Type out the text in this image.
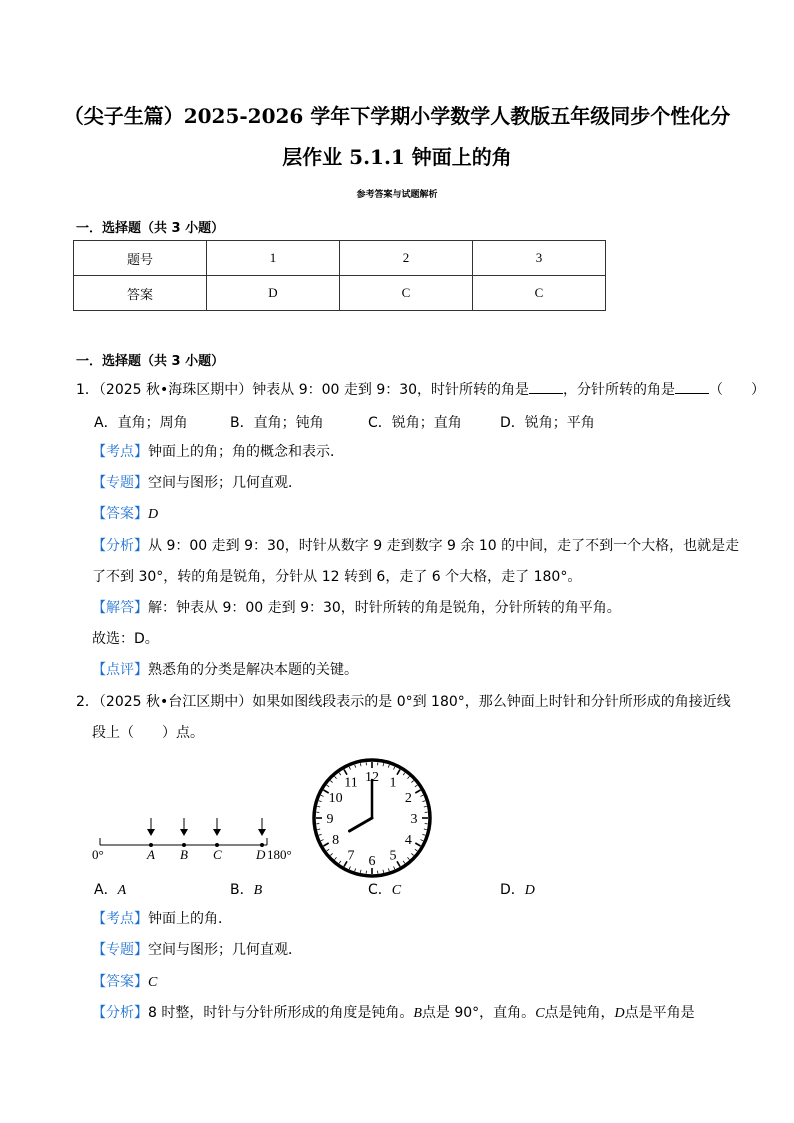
（尖子生篇）2025-2026 学年下学期小学数学人教版五年级同步个性化分
层作业 5.1.1 钟面上的角
参考答案与试题解析
一．选择题（共 3 小题）
题号	1	2	3
答案	D	C	C
一．选择题（共 3 小题）
1．（2025 秋•海珠区期中）钟表从 9：00 走到 9：30，时针所转的角是 ，分针所转的角是 （　　）
A．直角；周角	B．直角；钝角	C．锐角；直角	D．锐角；平角
【考点】钟面上的角；角的概念和表示．
【专题】空间与图形；几何直观．
【答案】D
【分析】从 9：00 走到 9：30，时针从数字 9 走到数字 9 余 10 的中间，走了不到一个大格，也就是走
了不到 30°，转的角是锐角，分针从 12 转到 6，走了 6 个大格，走了 180°。
【解答】解：钟表从 9：00 走到 9：30，时针所转的角是锐角，分针所转的角平角。
故选：D。
【点评】熟悉角的分类是解决本题的关键。
2．（2025 秋•台江区期中）如果如图线段表示的是 0°到 180°，那么钟面上时针和分针所形成的角接近线
段上（　　）点。
0°	180°
A B C	D
12 1
2
3
4
5
6
7
8
9
10
11
A．A	B．B	C．C	D．D
【考点】钟面上的角．
【专题】空间与图形；几何直观．
【答案】C
【分析】8 时整，时针与分针所形成的角度是钝角。B点是 90°，直角。C点是钝角，D点是平角是
